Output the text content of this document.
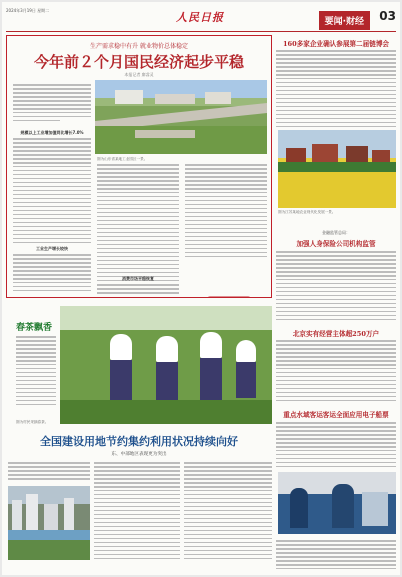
2024年3月19日 星期二
人民日报	要闻·财经	03
生产需求稳中有升 就业物价总体稳定
今年前２个月国民经济起步平稳
本报记者 廖睿灵
规模以上工业增加值同比增长7.0%
工业生产增长较快
图为山东省某地工业园区一景。
消费市场平稳恢复
160多家企业确认参展第二届链博会
图为江苏某地农业现代化发展一景。
金融监管总局：
加强人身保险公司机构监管
北京实有经营主体超250万户
重点水域客运客运全面应用电子船票
春茶飘香
图为村民采摘春茶。
全国建设用地节约集约利用状况持续向好
东、中部地区表现更为突出
